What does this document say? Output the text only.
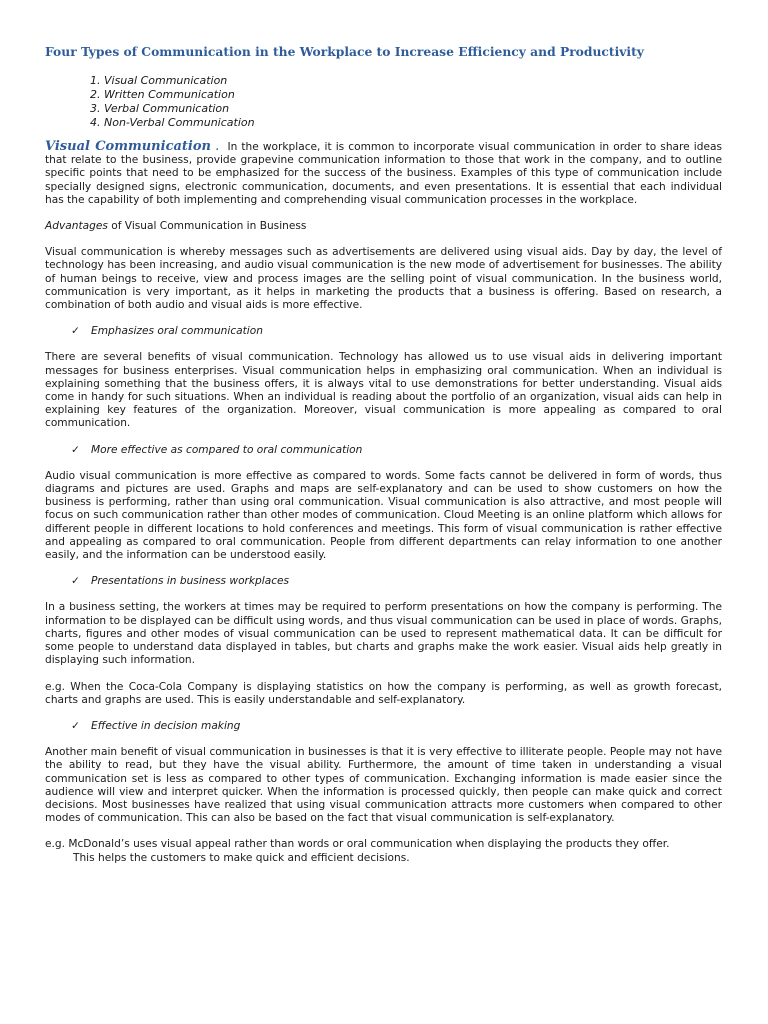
Four Types of Communication in the Workplace to Increase Efficiency and Productivity
1. Visual Communication
2. Written Communication
3. Verbal Communication
4. Non-Verbal Communication

Visual Communication . In the workplace, it is common to incorporate visual communication in order to share ideas that relate to the business, provide grapevine communication information to those that work in the company, and to outline specific points that need to be emphasized for the success of the business. Examples of this type of communication include specially designed signs, electronic communication, documents, and even presentations. It is essential that each individual has the capability of both implementing and comprehending visual communication processes in the workplace.

Advantages of Visual Communication in Business

Visual communication is whereby messages such as advertisements are delivered using visual aids. Day by day, the level of technology has been increasing, and audio visual communication is the new mode of advertisement for businesses. The ability of human beings to receive, view and process images are the selling point of visual communication. In the business world, communication is very important, as it helps in marketing the products that a business is offering. Based on research, a combination of both audio and visual aids is more effective.

✓ Emphasizes oral communication

There are several benefits of visual communication. Technology has allowed us to use visual aids in delivering important messages for business enterprises. Visual communication helps in emphasizing oral communication. When an individual is explaining something that the business offers, it is always vital to use demonstrations for better understanding. Visual aids come in handy for such situations. When an individual is reading about the portfolio of an organization, visual aids can help in explaining key features of the organization. Moreover, visual communication is more appealing as compared to oral communication.

✓ More effective as compared to oral communication

Audio visual communication is more effective as compared to words. Some facts cannot be delivered in form of words, thus diagrams and pictures are used. Graphs and maps are self-explanatory and can be used to show customers on how the business is performing, rather than using oral communication. Visual communication is also attractive, and most people will focus on such communication rather than other modes of communication. Cloud Meeting is an online platform which allows for different people in different locations to hold conferences and meetings. This form of visual communication is rather effective and appealing as compared to oral communication. People from different departments can relay information to one another easily, and the information can be understood easily.

✓ Presentations in business workplaces

In a business setting, the workers at times may be required to perform presentations on how the company is performing. The information to be displayed can be difficult using words, and thus visual communication can be used in place of words. Graphs, charts, figures and other modes of visual communication can be used to represent mathematical data. It can be difficult for some people to understand data displayed in tables, but charts and graphs make the work easier. Visual aids help greatly in displaying such information.

e.g. When the Coca-Cola Company is displaying statistics on how the company is performing, as well as growth forecast, charts and graphs are used. This is easily understandable and self-explanatory.

✓ Effective in decision making

Another main benefit of visual communication in businesses is that it is very effective to illiterate people. People may not have the ability to read, but they have the visual ability. Furthermore, the amount of time taken in understanding a visual communication set is less as compared to other types of communication. Exchanging information is made easier since the audience will view and interpret quicker. When the information is processed quickly, then people can make quick and correct decisions. Most businesses have realized that using visual communication attracts more customers when compared to other modes of communication. This can also be based on the fact that visual communication is self-explanatory.

e.g. McDonald’s uses visual appeal rather than words or oral communication when displaying the products they offer.

This helps the customers to make quick and efficient decisions.
